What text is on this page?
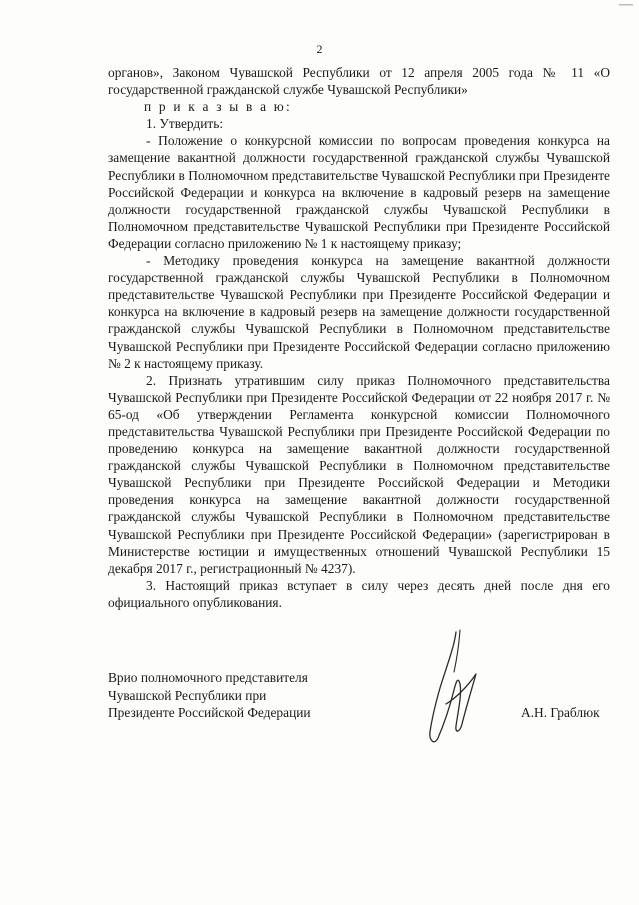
2

органов», Законом Чувашской Республики от 12 апреля 2005 года № 11 «О государственной гражданской службе Чувашской Республики»

п р и к а з ы в а ю:

1. Утвердить:

- Положение о конкурсной комиссии по вопросам проведения конкурса на замещение вакантной должности государственной гражданской службы Чувашской Республики в Полномочном представительстве Чувашской Республики при Президенте Российской Федерации и конкурса на включение в кадровый резерв на замещение должности государственной гражданской службы Чувашской Республики в Полномочном представительстве Чувашской Республики при Президенте Российской Федерации согласно приложению № 1 к настоящему приказу;

- Методику проведения конкурса на замещение вакантной должности государственной гражданской службы Чувашской Республики в Полномочном представительстве Чувашской Республики при Президенте Российской Федерации и конкурса на включение в кадровый резерв на замещение должности государственной гражданской службы Чувашской Республики в Полномочном представительстве Чувашской Республики при Президенте Российской Федерации согласно приложению № 2 к настоящему приказу.

2. Признать утратившим силу приказ Полномочного представительства Чувашской Республики при Президенте Российской Федерации от 22 ноября 2017 г. № 65-од «Об утверждении Регламента конкурсной комиссии Полномочного представительства Чувашской Республики при Президенте Российской Федерации по проведению конкурса на замещение вакантной должности государственной гражданской службы Чувашской Республики в Полномочном представительстве Чувашской Республики при Президенте Российской Федерации и Методики проведения конкурса на замещение вакантной должности государственной гражданской службы Чувашской Республики в Полномочном представительстве Чувашской Республики при Президенте Российской Федерации» (зарегистрирован в Министерстве юстиции и имущественных отношений Чувашской Республики 15 декабря 2017 г., регистрационный № 4237).

3. Настоящий приказ вступает в силу через десять дней после дня его официального опубликования.

Врио полномочного представителя
Чувашской Республики при
Президенте Российской Федерации	А.Н. Граблюк
